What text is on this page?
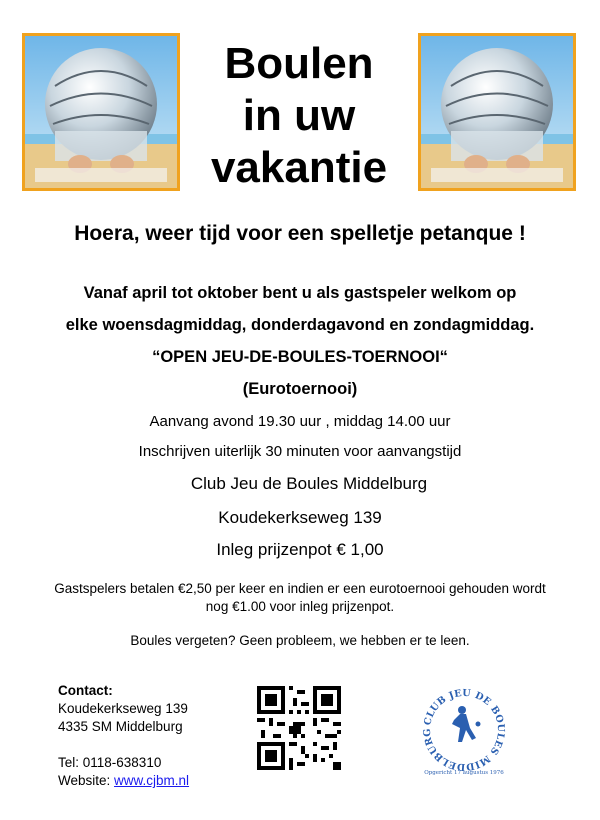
Boulen
in uw
vakantie
Hoera, weer tijd voor een spelletje petanque !
Vanaf april tot oktober bent u als gastspeler welkom op
elke woensdagmiddag, donderdagavond en zondagmiddag.
“OPEN JEU-DE-BOULES-TOERNOOI“
(Eurotoernooi)
Aanvang avond 19.30 uur , middag 14.00 uur
Inschrijven uiterlijk 30 minuten voor aanvangstijd
Club Jeu de Boules Middelburg
Koudekerkseweg 139
Inleg prijzenpot € 1,00
Gastspelers betalen €2,50 per keer en indien er een eurotoernooi gehouden wordt
nog €1.00 voor inleg prijzenpot.
Boules vergeten? Geen probleem, we hebben er te leen.
Contact:
Koudekerkseweg 139
4335 SM Middelburg
Tel: 0118-638310
Website: www.cjbm.nl
CLUB JEU DE BOULES MIDDELBURG
Opgericht 17 augustus 1976
